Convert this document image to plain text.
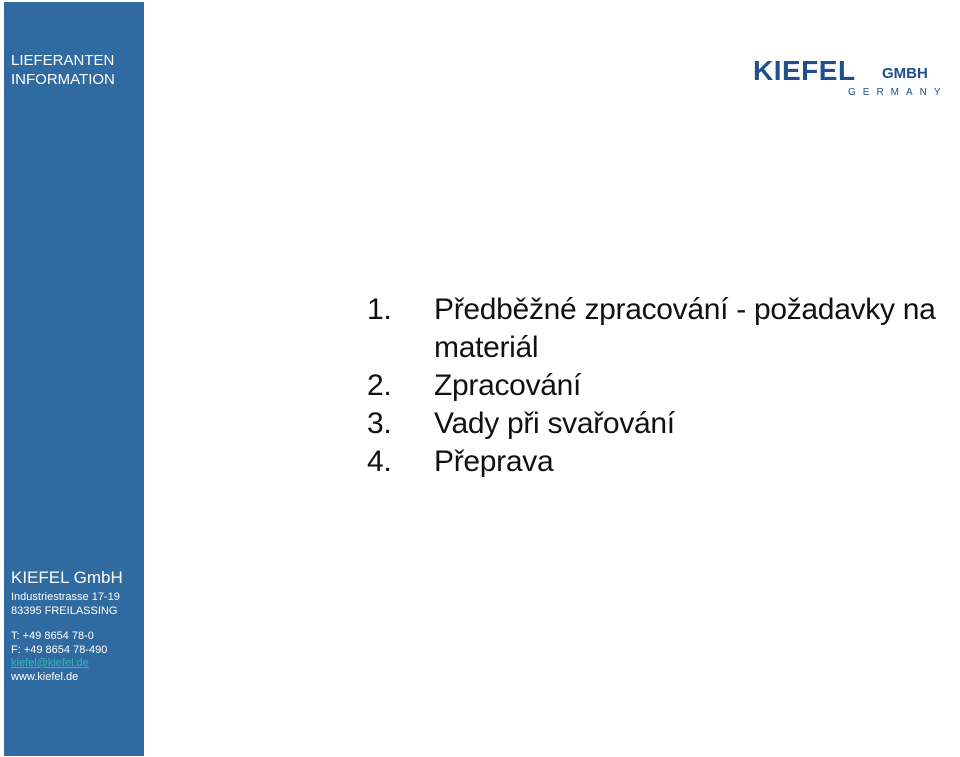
LIEFERANTEN
INFORMATION
KIEFEL GmbH
Industriestrasse 17-19
83395 FREILASSING
T: +49 8654 78-0
F: +49 8654 78-490
kiefel@kiefel.de
www.kiefel.de
KIEFEL GMBH
GERMANY
1.	Předběžné zpracování - požadavky na materiál
2.	Zpracování
3.	Vady při svařování
4.	Přeprava
